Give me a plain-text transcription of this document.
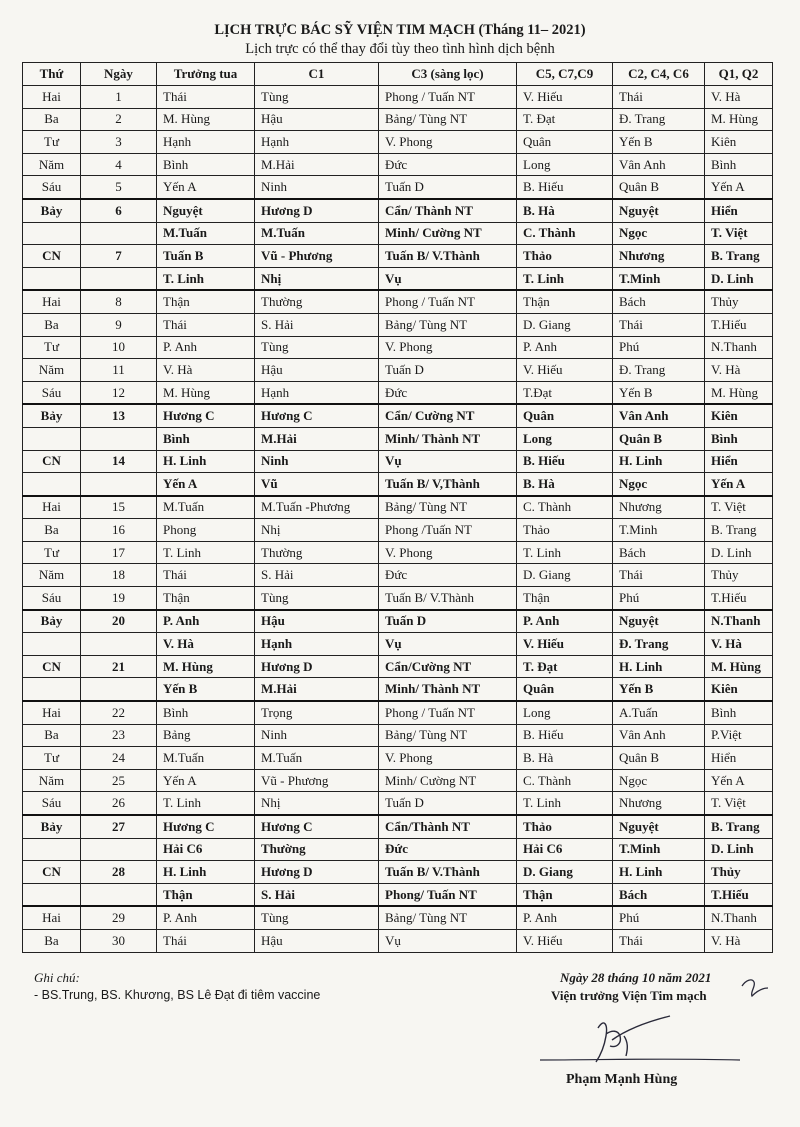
LỊCH TRỰC BÁC SỸ VIỆN TIM MẠCH (Tháng 11– 2021)
Lịch trực có thể thay đổi tùy theo tình hình dịch bệnh
Thứ	Ngày	Trưởng tua	C1	C3 (sàng lọc)	C5, C7,C9	C2, C4, C6	Q1, Q2
Hai	1	Thái	Tùng	Phong / Tuấn NT	V. Hiếu	Thái	V. Hà
Ba	2	M. Hùng	Hậu	Bảng/ Tùng NT	T. Đạt	Đ. Trang	M. Hùng
Tư	3	Hạnh	Hạnh	V. Phong	Quân	Yến B	Kiên
Năm	4	Bình	M.Hải	Đức	Long	Vân Anh	Bình
Sáu	5	Yến A	Ninh	Tuấn D	B. Hiếu	Quân B	Yến A
Bảy	6	Nguyệt	Hương D	Cẩn/ Thành NT	B. Hà	Nguyệt	Hiển
		M.Tuấn	M.Tuấn	Minh/ Cường NT	C. Thành	Ngọc	T. Việt
CN	7	Tuấn B	Vũ - Phương	Tuấn B/ V.Thành	Thảo	Nhương	B. Trang
		T. Linh	Nhị	Vụ	T. Linh	T.Minh	D. Linh
Hai	8	Thận	Thường	Phong / Tuấn NT	Thận	Bách	Thủy
Ba	9	Thái	S. Hải	Bảng/ Tùng NT	D. Giang	Thái	T.Hiếu
Tư	10	P. Anh	Tùng	V. Phong	P. Anh	Phú	N.Thanh
Năm	11	V. Hà	Hậu	Tuấn D	V. Hiếu	Đ. Trang	V. Hà
Sáu	12	M. Hùng	Hạnh	Đức	T.Đạt	Yến B	M. Hùng
Bảy	13	Hương C	Hương C	Cẩn/ Cường NT	Quân	Vân Anh	Kiên
		Bình	M.Hải	Minh/ Thành NT	Long	Quân B	Bình
CN	14	H. Linh	Ninh	Vụ	B. Hiếu	H. Linh	Hiển
		Yến A	Vũ	Tuấn B/ V,Thành	B. Hà	Ngọc	Yến A
Hai	15	M.Tuấn	M.Tuấn -Phương	Bảng/ Tùng NT	C. Thành	Nhương	T. Việt
Ba	16	Phong	Nhị	Phong /Tuấn NT	Thảo	T.Minh	B. Trang
Tư	17	T. Linh	Thường	V. Phong	T. Linh	Bách	D. Linh
Năm	18	Thái	S. Hải	Đức	D. Giang	Thái	Thủy
Sáu	19	Thận	Tùng	Tuấn B/ V.Thành	Thận	Phú	T.Hiếu
Bảy	20	P. Anh	Hậu	Tuấn D	P. Anh	Nguyệt	N.Thanh
		V. Hà	Hạnh	Vụ	V. Hiếu	Đ. Trang	V. Hà
CN	21	M. Hùng	Hương D	Cẩn/Cường NT	T. Đạt	H. Linh	M. Hùng
		Yến B	M.Hải	Minh/ Thành NT	Quân	Yến B	Kiên
Hai	22	Bình	Trọng	Phong / Tuấn NT	Long	A.Tuấn	Bình
Ba	23	Bảng	Ninh	Bảng/ Tùng NT	B. Hiếu	Vân Anh	P.Việt
Tư	24	M.Tuấn	M.Tuấn	V. Phong	B. Hà	Quân B	Hiển
Năm	25	Yến A	Vũ - Phương	Minh/ Cường NT	C. Thành	Ngọc	Yến A
Sáu	26	T. Linh	Nhị	Tuấn D	T. Linh	Nhương	T. Việt
Bảy	27	Hương C	Hương C	Cẩn/Thành NT	Thảo	Nguyệt	B. Trang
		Hải C6	Thường	Đức	Hải C6	T.Minh	D. Linh
CN	28	H. Linh	Hương D	Tuấn B/ V.Thành	D. Giang	H. Linh	Thủy
		Thận	S. Hải	Phong/ Tuấn NT	Thận	Bách	T.Hiếu
Hai	29	P. Anh	Tùng	Bảng/ Tùng NT	P. Anh	Phú	N.Thanh
Ba	30	Thái	Hậu	Vụ	V. Hiếu	Thái	V. Hà
Ghi chú:
- BS.Trung, BS. Khương, BS Lê Đạt đi tiêm vaccine
Ngày 28 tháng 10 năm 2021
Viện trưởng Viện Tim mạch
Phạm Mạnh Hùng
